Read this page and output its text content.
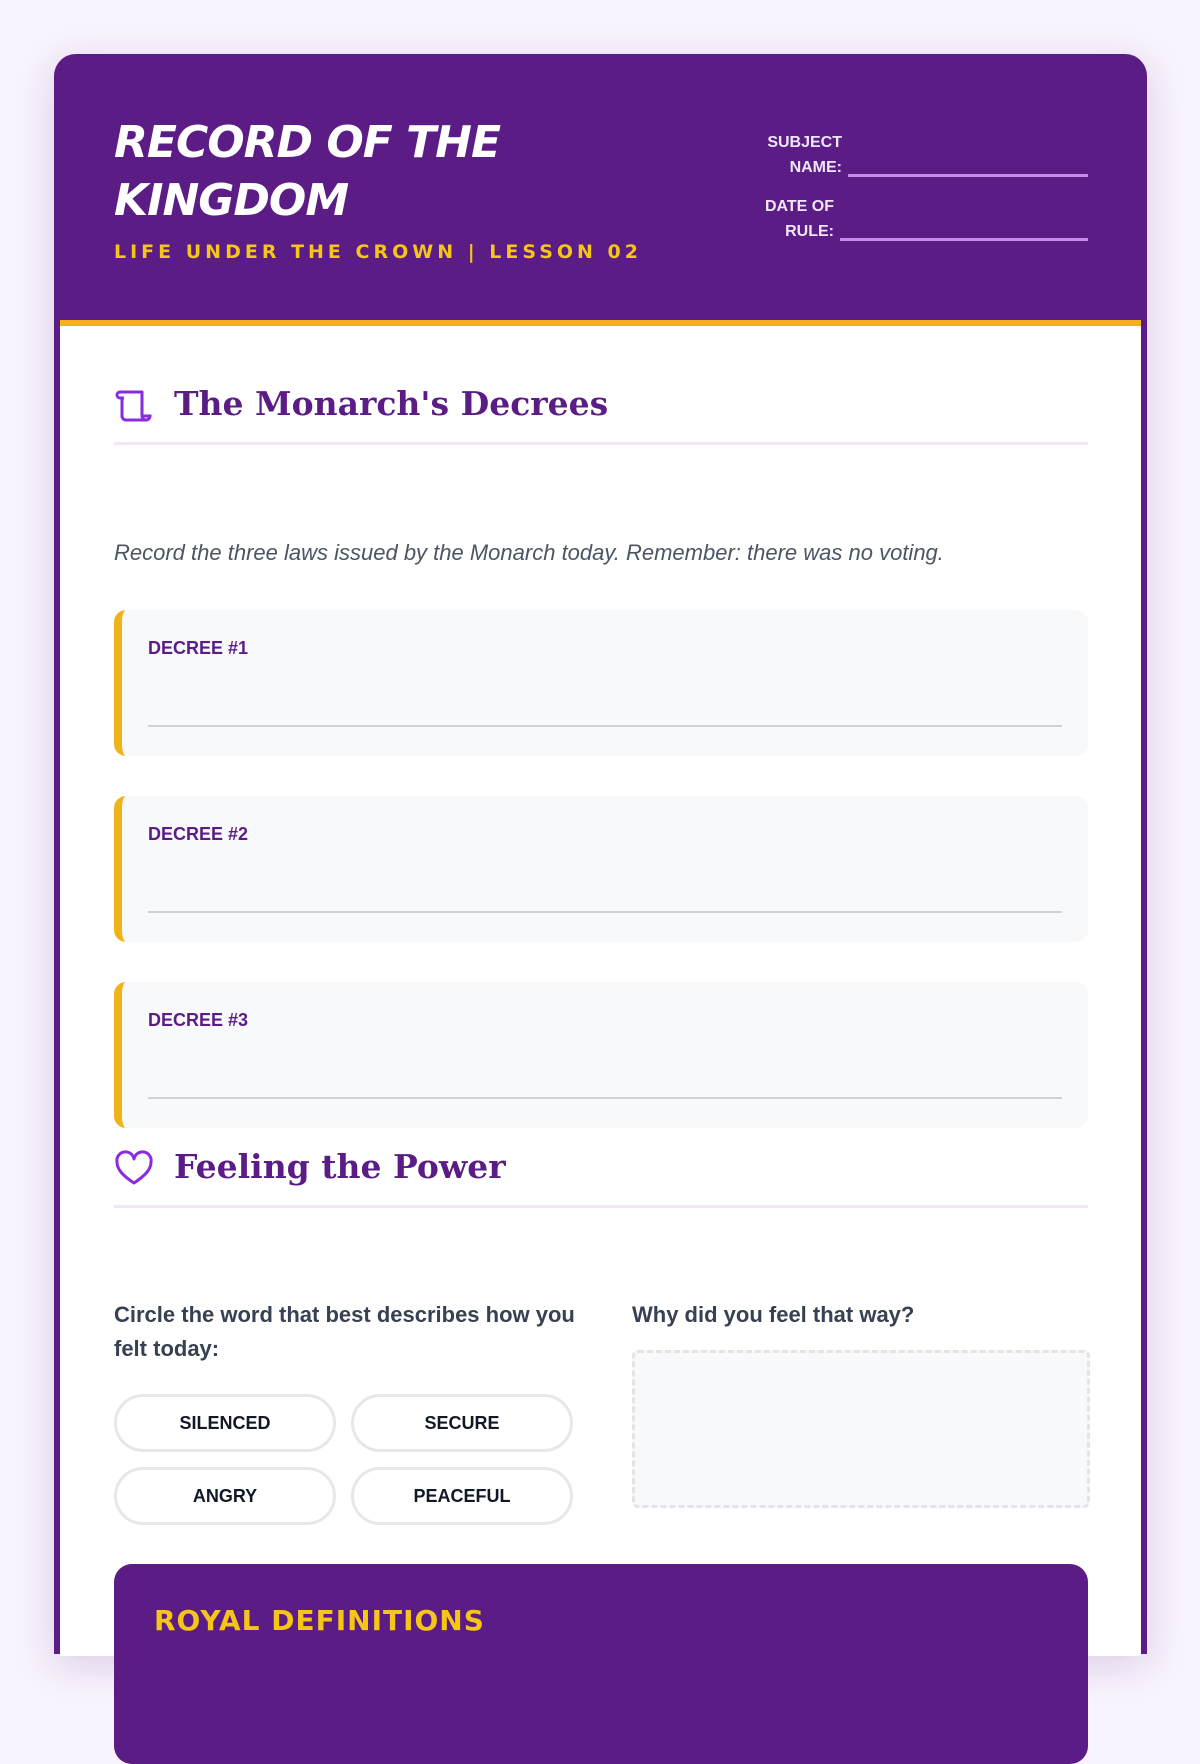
RECORD OF THE KINGDOM
LIFE UNDER THE CROWN | LESSON 02
SUBJECT NAME:
DATE OF RULE:
The Monarch's Decrees
Record the three laws issued by the Monarch today. Remember: there was no voting.
DECREE #1
DECREE #2
DECREE #3
Feeling the Power
Circle the word that best describes how you felt today:
Why did you feel that way?
SILENCED	SECURE
ANGRY	PEACEFUL
ROYAL DEFINITIONS
